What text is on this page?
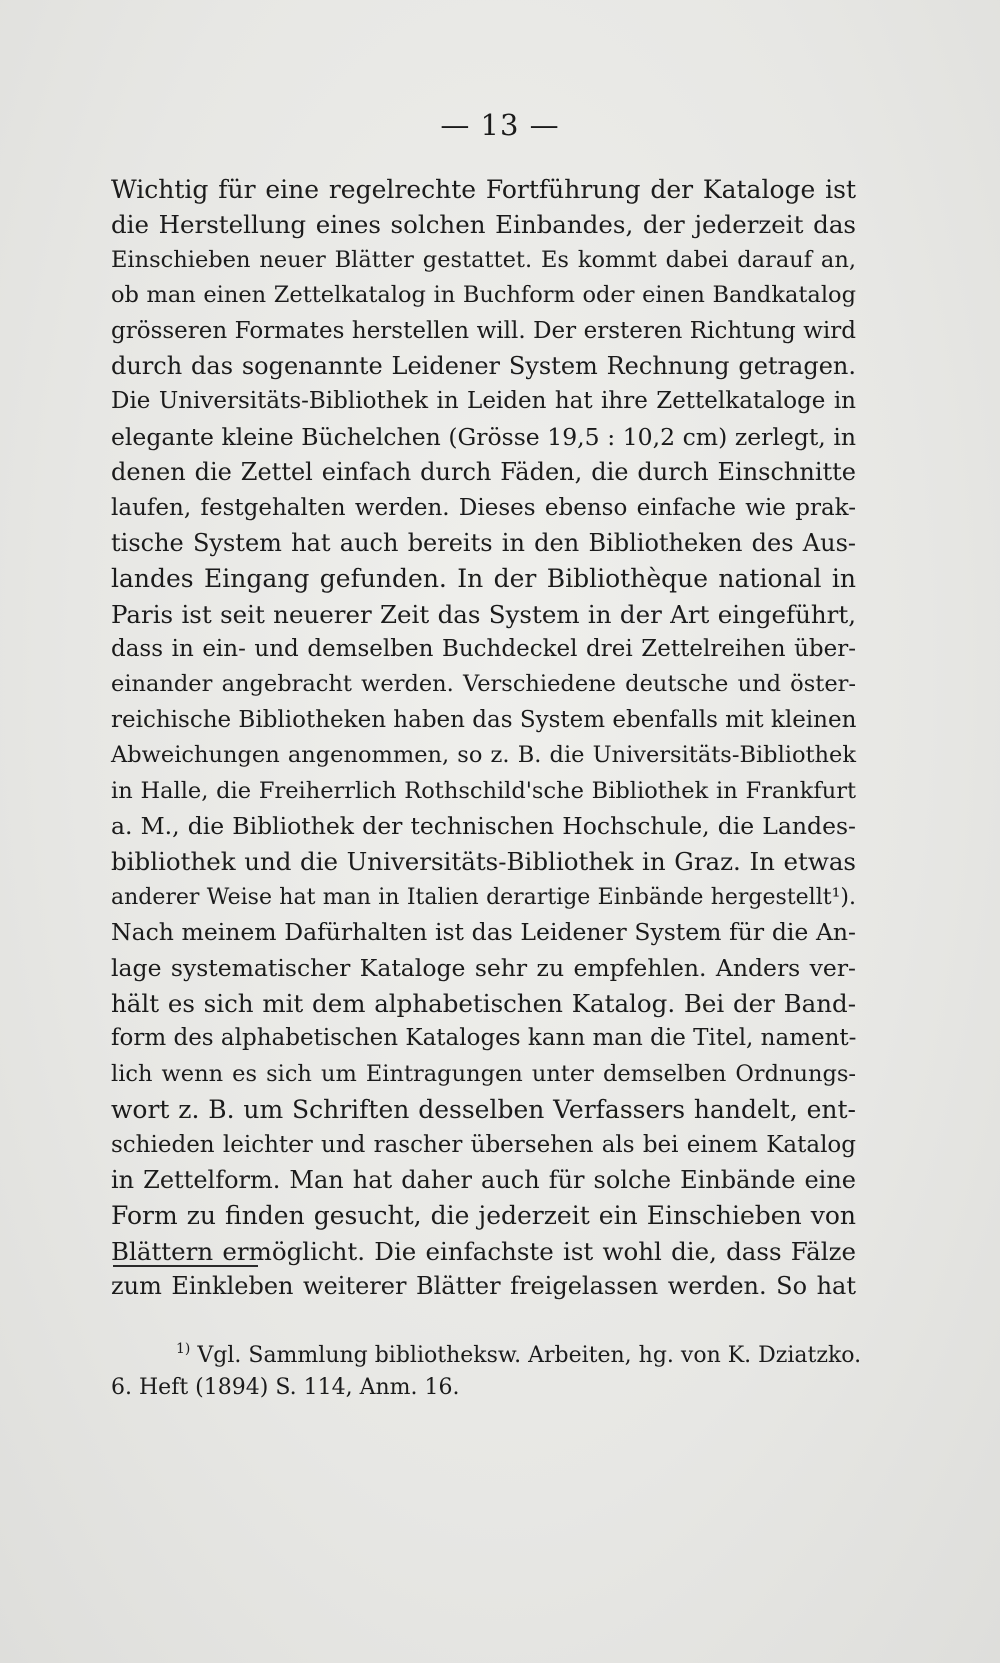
— 13 —
Wichtig für eine regelrechte Fortführung der Kataloge ist
die Herstellung eines solchen Einbandes, der jederzeit das
Einschieben neuer Blätter gestattet. Es kommt dabei darauf an,
ob man einen Zettelkatalog in Buchform oder einen Bandkatalog
grösseren Formates herstellen will. Der ersteren Richtung wird
durch das sogenannte Leidener System Rechnung getragen.
Die Universitäts-Bibliothek in Leiden hat ihre Zettelkataloge in
elegante kleine Büchelchen (Grösse 19,5 : 10,2 cm) zerlegt, in
denen die Zettel einfach durch Fäden, die durch Einschnitte
laufen, festgehalten werden. Dieses ebenso einfache wie prak-
tische System hat auch bereits in den Bibliotheken des Aus-
landes Eingang gefunden. In der Bibliothèque national in
Paris ist seit neuerer Zeit das System in der Art eingeführt,
dass in ein- und demselben Buchdeckel drei Zettelreihen über-
einander angebracht werden. Verschiedene deutsche und öster-
reichische Bibliotheken haben das System ebenfalls mit kleinen
Abweichungen angenommen, so z. B. die Universitäts-Bibliothek
in Halle, die Freiherrlich Rothschild'sche Bibliothek in Frankfurt
a. M., die Bibliothek der technischen Hochschule, die Landes-
bibliothek und die Universitäts-Bibliothek in Graz. In etwas
anderer Weise hat man in Italien derartige Einbände hergestellt¹).
Nach meinem Dafürhalten ist das Leidener System für die An-
lage systematischer Kataloge sehr zu empfehlen. Anders ver-
hält es sich mit dem alphabetischen Katalog. Bei der Band-
form des alphabetischen Kataloges kann man die Titel, nament-
lich wenn es sich um Eintragungen unter demselben Ordnungs-
wort z. B. um Schriften desselben Verfassers handelt, ent-
schieden leichter und rascher übersehen als bei einem Katalog
in Zettelform. Man hat daher auch für solche Einbände eine
Form zu finden gesucht, die jederzeit ein Einschieben von
Blättern ermöglicht. Die einfachste ist wohl die, dass Fälze
zum Einkleben weiterer Blätter freigelassen werden. So hat
$^{1)}$ Vgl. Sammlung bibliotheksw. Arbeiten, hg. von K. Dziatzko.
6. Heft (1894) S. 114, Anm. 16.
